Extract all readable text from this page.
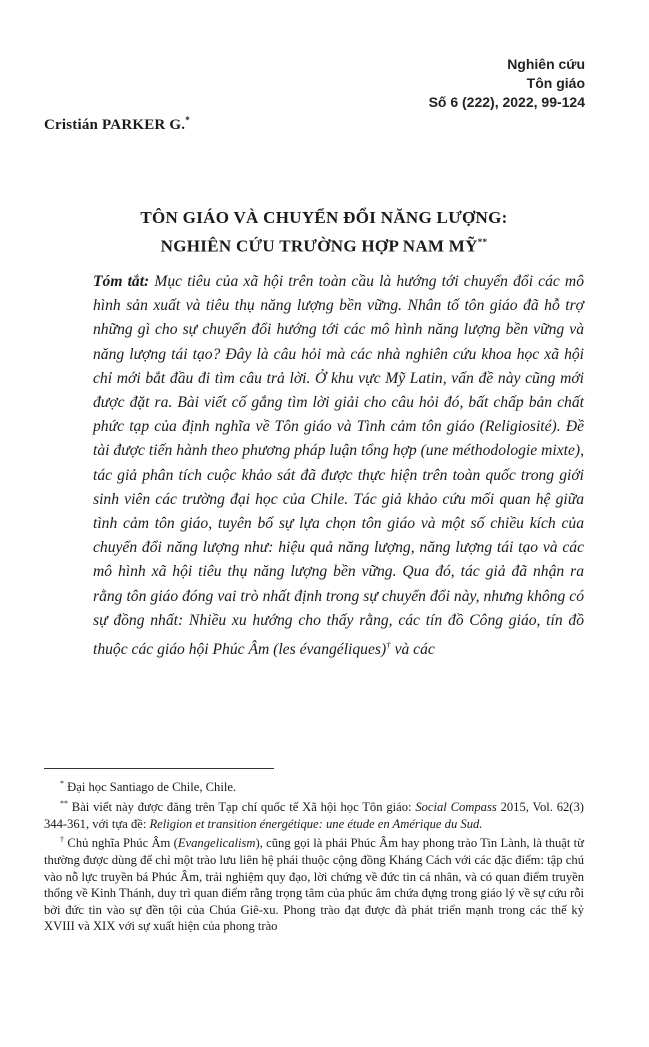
Nghiên cứu
Tôn giáo
Số 6 (222), 2022, 99-124
Cristián PARKER G.*
TÔN GIÁO VÀ CHUYỂN ĐỔI NĂNG LƯỢNG:
NGHIÊN CỨU TRƯỜNG HỢP NAM MỸ**
Tóm tắt: Mục tiêu của xã hội trên toàn cầu là hướng tới chuyển đổi các mô hình sản xuất và tiêu thụ năng lượng bền vững. Nhân tố tôn giáo đã hỗ trợ những gì cho sự chuyển đổi hướng tới các mô hình năng lượng bền vững và năng lượng tái tạo? Đây là câu hỏi mà các nhà nghiên cứu khoa học xã hội chỉ mới bắt đầu đi tìm câu trả lời. Ở khu vực Mỹ Latin, vấn đề này cũng mới được đặt ra. Bài viết cố gắng tìm lời giải cho câu hỏi đó, bất chấp bản chất phức tạp của định nghĩa về Tôn giáo và Tình cảm tôn giáo (Religiosité). Đề tài được tiến hành theo phương pháp luận tổng hợp (une méthodologie mixte), tác giả phân tích cuộc khảo sát đã được thực hiện trên toàn quốc trong giới sinh viên các trường đại học của Chile. Tác giả khảo cứu mối quan hệ giữa tình cảm tôn giáo, tuyên bố sự lựa chọn tôn giáo và một số chiều kích của chuyển đổi năng lượng như: hiệu quả năng lượng, năng lượng tái tạo và các mô hình xã hội tiêu thụ năng lượng bền vững. Qua đó, tác giả đã nhận ra rằng tôn giáo đóng vai trò nhất định trong sự chuyển đổi này, nhưng không có sự đồng nhất: Nhiều xu hướng cho thấy rằng, các tín đồ Công giáo, tín đồ thuộc các giáo hội Phúc Âm (les évangéliques)† và các

* Đại học Santiago de Chile, Chile.

** Bài viết này được đăng trên Tạp chí quốc tế Xã hội học Tôn giáo: Social Compass 2015, Vol. 62(3) 344-361, với tựa đề: Religion et transition énergétique: une étude en Amérique du Sud.

† Chủ nghĩa Phúc Âm (Evangelicalism), cũng gọi là phái Phúc Âm hay phong trào Tin Lành, là thuật từ thường được dùng để chỉ một trào lưu liên hệ phái thuộc cộng đồng Kháng Cách với các đặc điểm: tập chú vào nỗ lực truyền bá Phúc Âm, trải nghiệm quy đạo, lời chứng về đức tin cá nhân, và có quan điểm truyền thống về Kinh Thánh, duy trì quan điểm rằng trọng tâm của phúc âm chứa đựng trong giáo lý về sự cứu rỗi bởi đức tin vào sự đền tội của Chúa Giê-xu. Phong trào đạt được đà phát triển mạnh trong các thế kỷ XVIII và XIX với sự xuất hiện của phong trào
